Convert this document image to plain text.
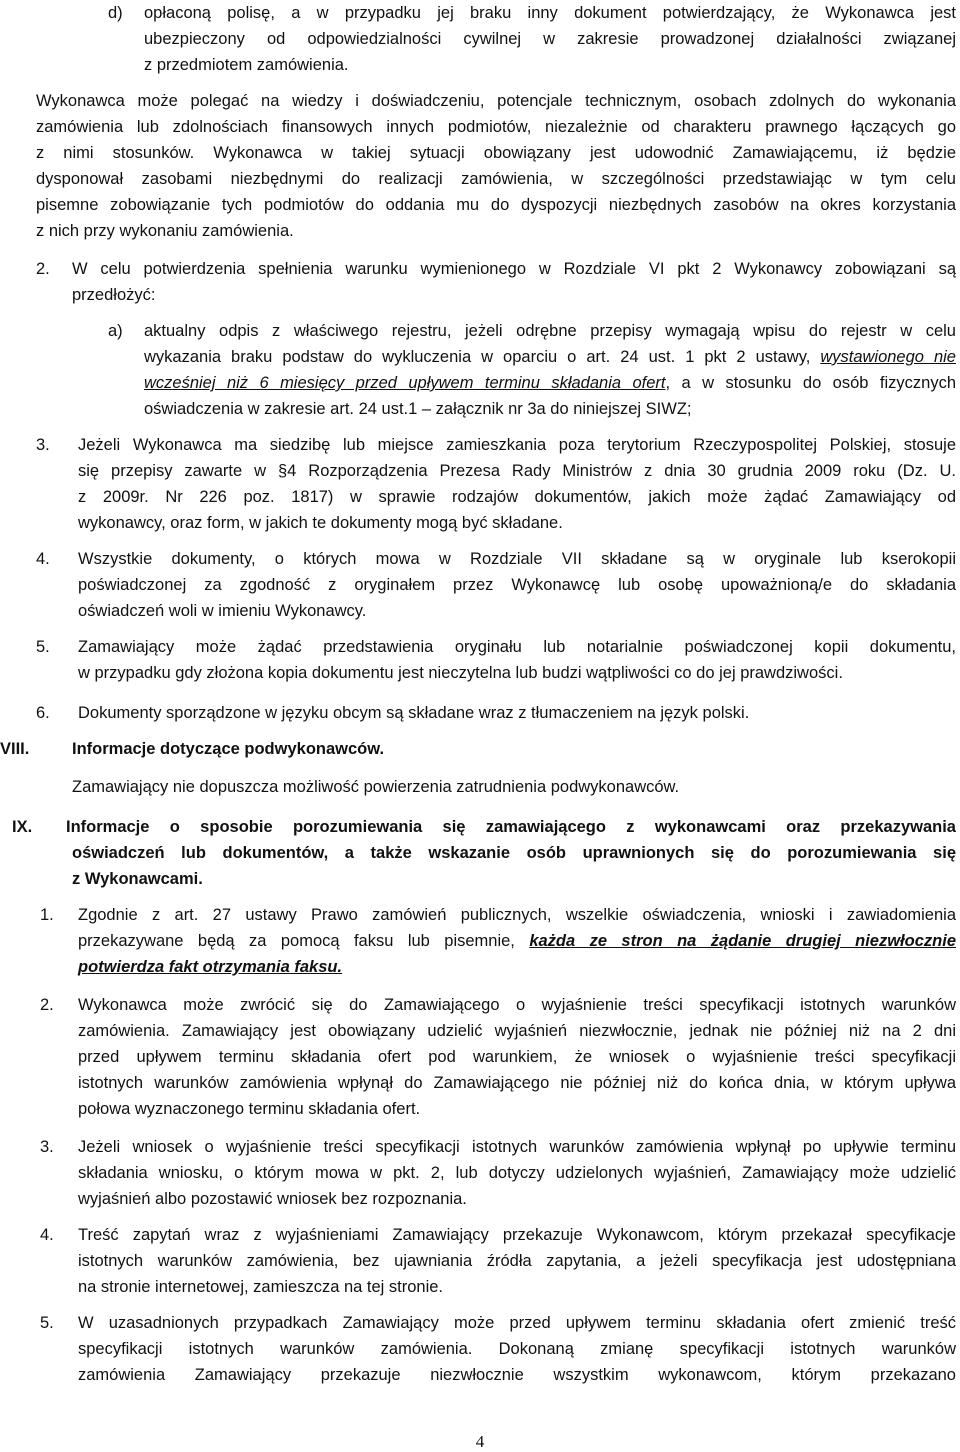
d) opłaconą polisę, a w przypadku jej braku inny dokument potwierdzający, że Wykonawca jest
ubezpieczony od odpowiedzialności cywilnej w zakresie prowadzonej działalności związanej
z przedmiotem zamówienia.
Wykonawca może polegać na wiedzy i doświadczeniu, potencjale technicznym, osobach zdolnych do wykonania
zamówienia lub zdolnościach finansowych innych podmiotów, niezależnie od charakteru prawnego łączących go
z nimi stosunków. Wykonawca w takiej sytuacji obowiązany jest udowodnić Zamawiającemu, iż będzie
dysponował zasobami niezbędnymi do realizacji zamówienia, w szczególności przedstawiając w tym celu
pisemne zobowiązanie tych podmiotów do oddania mu do dyspozycji niezbędnych zasobów na okres korzystania
z nich przy wykonaniu zamówienia.
2. W celu potwierdzenia spełnienia warunku wymienionego w Rozdziale VI pkt 2 Wykonawcy zobowiązani są
przedłożyć:
a) aktualny odpis z właściwego rejestru, jeżeli odrębne przepisy wymagają wpisu do rejestr w celu
wykazania braku podstaw do wykluczenia w oparciu o art. 24 ust. 1 pkt 2 ustawy, wystawionego nie
wcześniej niż 6 miesięcy przed upływem terminu składania ofert, a w stosunku do osób fizycznych
oświadczenia w zakresie art. 24 ust.1 – załącznik nr 3a do niniejszej SIWZ;
3. Jeżeli Wykonawca ma siedzibę lub miejsce zamieszkania poza terytorium Rzeczypospolitej Polskiej, stosuje
się przepisy zawarte w §4 Rozporządzenia Prezesa Rady Ministrów z dnia 30 grudnia 2009 roku (Dz. U.
z 2009r. Nr 226 poz. 1817) w sprawie rodzajów dokumentów, jakich może żądać Zamawiający od
wykonawcy, oraz form, w jakich te dokumenty mogą być składane.
4. Wszystkie dokumenty, o których mowa w Rozdziale VII składane są w oryginale lub kserokopii
poświadczonej za zgodność z oryginałem przez Wykonawcę lub osobę upoważnioną/e do składania
oświadczeń woli w imieniu Wykonawcy.
5. Zamawiający może żądać przedstawienia oryginału lub notarialnie poświadczonej kopii dokumentu,
w przypadku gdy złożona kopia dokumentu jest nieczytelna lub budzi wątpliwości co do jej prawdziwości.
6. Dokumenty sporządzone w języku obcym są składane wraz z tłumaczeniem na język polski.
VIII.	Informacje dotyczące podwykonawców.
Zamawiający nie dopuszcza możliwość powierzenia zatrudnienia podwykonawców.
IX. Informacje o sposobie porozumiewania się zamawiającego z wykonawcami oraz przekazywania
oświadczeń lub dokumentów, a także wskazanie osób uprawnionych się do porozumiewania się
z Wykonawcami.
1. Zgodnie z art. 27 ustawy Prawo zamówień publicznych, wszelkie oświadczenia, wnioski i zawiadomienia
przekazywane będą za pomocą faksu lub pisemnie, każda ze stron na żądanie drugiej niezwłocznie
potwierdza fakt otrzymania faksu.
2. Wykonawca może zwrócić się do Zamawiającego o wyjaśnienie treści specyfikacji istotnych warunków
zamówienia. Zamawiający jest obowiązany udzielić wyjaśnień niezwłocznie, jednak nie później niż na 2 dni
przed upływem terminu składania ofert pod warunkiem, że wniosek o wyjaśnienie treści specyfikacji
istotnych warunków zamówienia wpłynął do Zamawiającego nie później niż do końca dnia, w którym upływa
połowa wyznaczonego terminu składania ofert.
3. Jeżeli wniosek o wyjaśnienie treści specyfikacji istotnych warunków zamówienia wpłynął po upływie terminu
składania wniosku, o którym mowa w pkt. 2, lub dotyczy udzielonych wyjaśnień, Zamawiający może udzielić
wyjaśnień albo pozostawić wniosek bez rozpoznania.
4. Treść zapytań wraz z wyjaśnieniami Zamawiający przekazuje Wykonawcom, którym przekazał specyfikacje
istotnych warunków zamówienia, bez ujawniania źródła zapytania, a jeżeli specyfikacja jest udostępniana
na stronie internetowej, zamieszcza na tej stronie.
5. W uzasadnionych przypadkach Zamawiający może przed upływem terminu składania ofert zmienić treść
specyfikacji istotnych warunków zamówienia. Dokonaną zmianę specyfikacji istotnych warunków
zamówienia Zamawiający przekazuje niezwłocznie wszystkim wykonawcom, którym przekazano
4
